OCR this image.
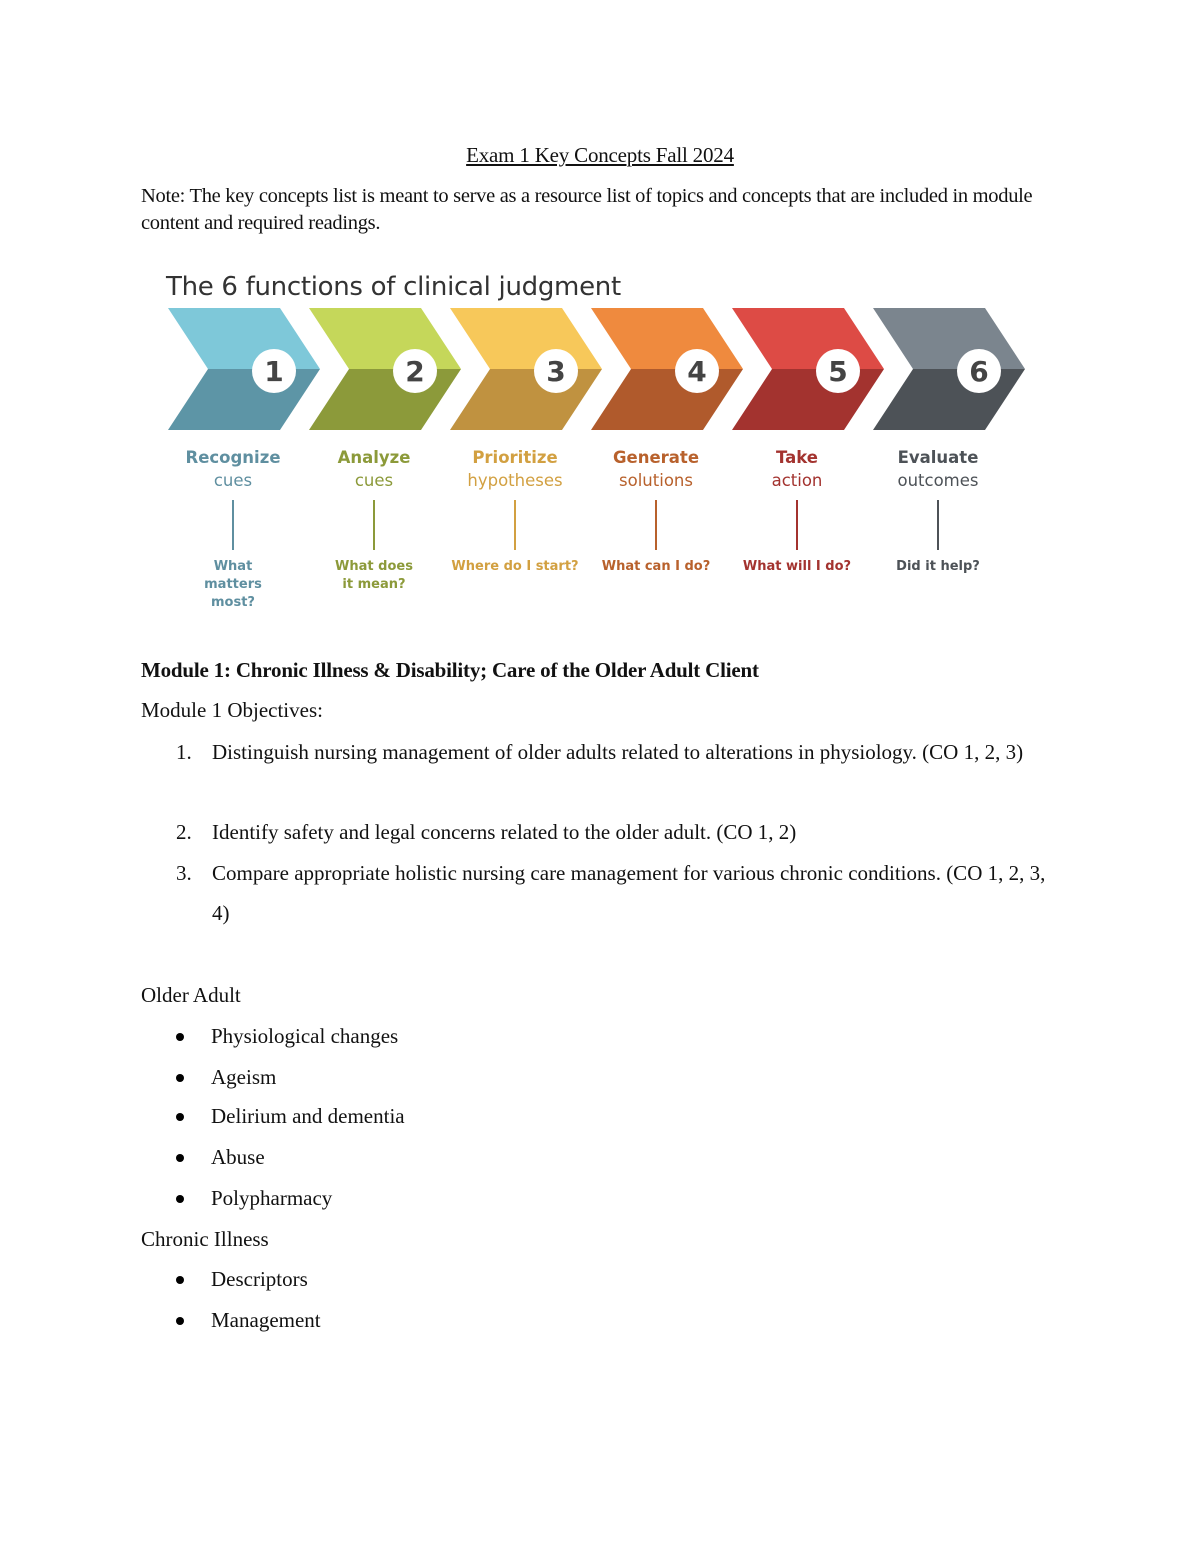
Exam 1 Key Concepts Fall 2024
Note: The key concepts list is meant to serve as a resource list of topics and concepts that are included in module content and required readings.
The 6 functions of clinical judgment
1	2	3	4	5	6
Recognize
cues
What matters most?
Analyze
cues
What does it mean?
Prioritize
hypotheses
Where do I start?
Generate
solutions
What can I do?
Take
action
What will I do?
Evaluate
outcomes
Did it help?
Module 1: Chronic Illness & Disability; Care of the Older Adult Client
Module 1 Objectives:
1. Distinguish nursing management of older adults related to alterations in physiology. (CO 1, 2, 3)
2. Identify safety and legal concerns related to the older adult. (CO 1, 2)
3. Compare appropriate holistic nursing care management for various chronic conditions. (CO 1, 2, 3, 4)
Older Adult
Physiological changes
Ageism
Delirium and dementia
Abuse
Polypharmacy
Chronic Illness
Descriptors
Management
